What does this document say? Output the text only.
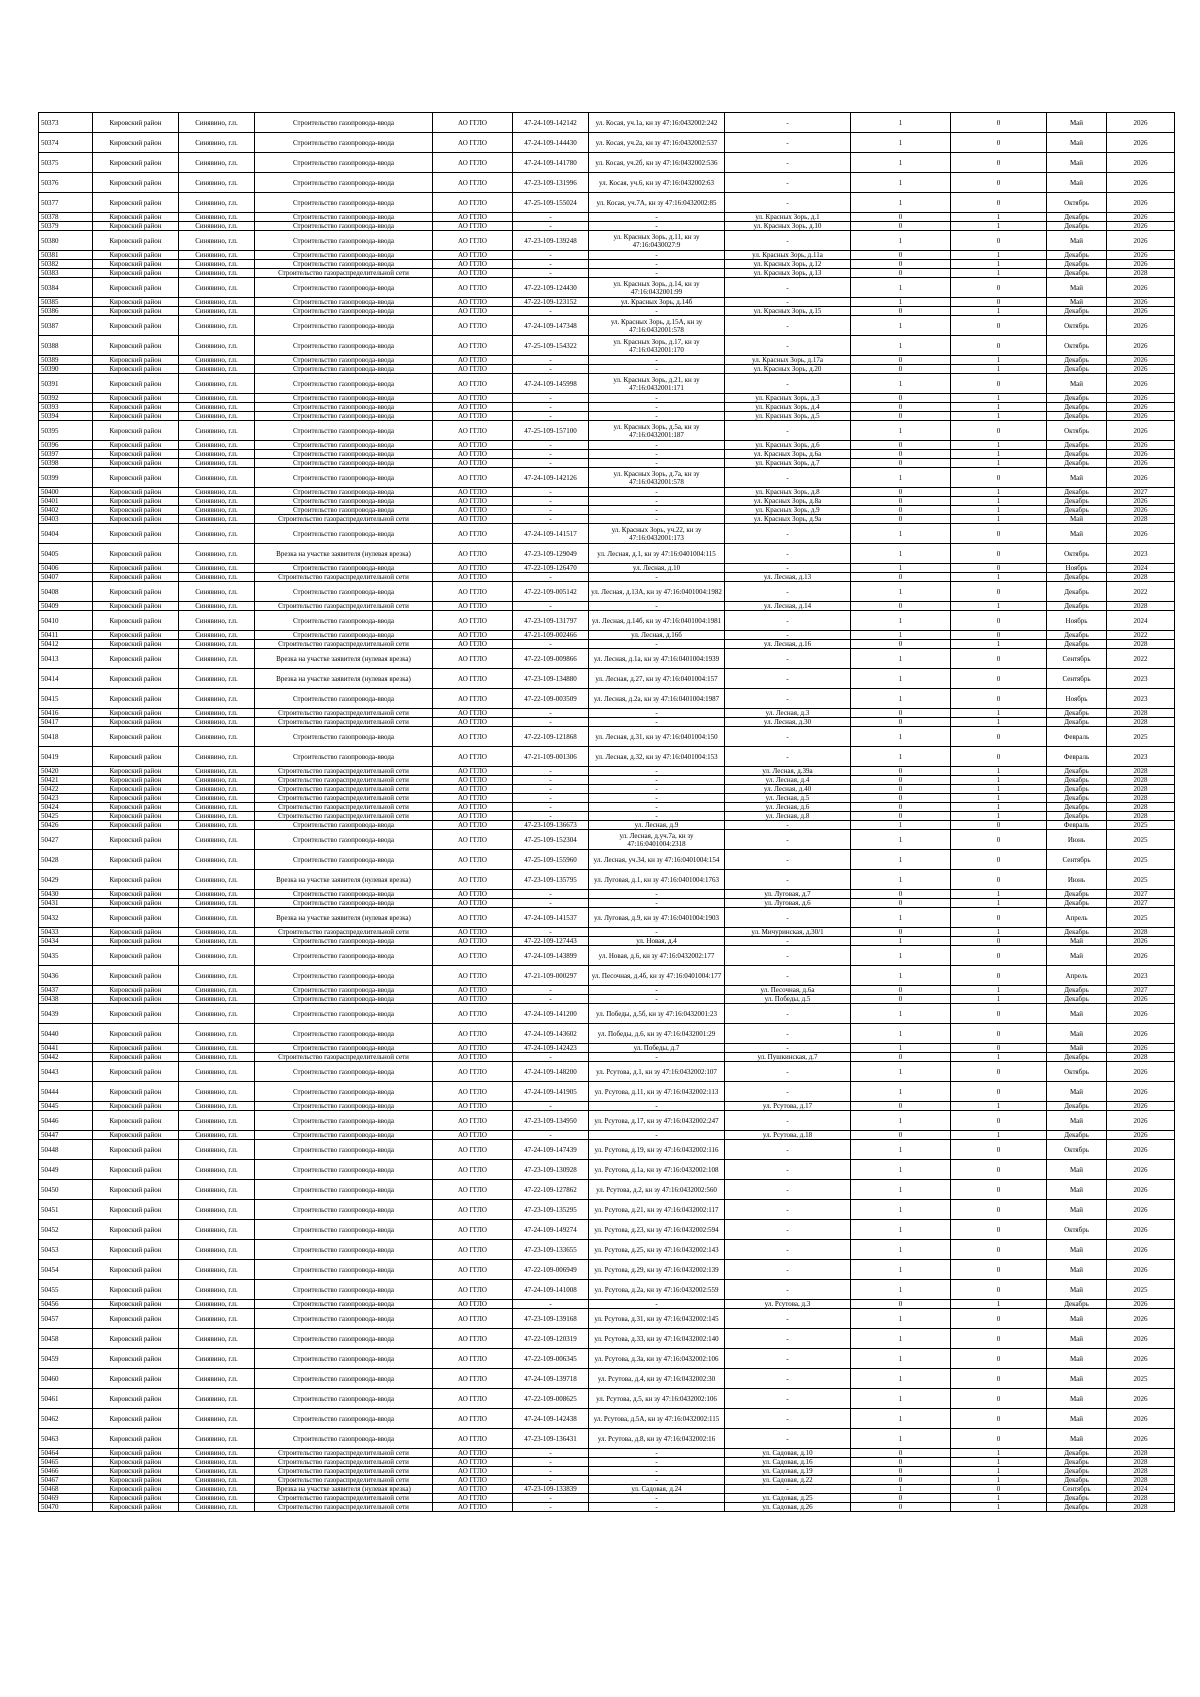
50373	Кировский район	Синявино, г.п.	Строительство газопровода-ввода	АО ГГЛО	47-24-109-142142	ул. Косая, уч.1а, кн зу 47:16:0432002:242	-	1	0	Май	2026
50374	Кировский район	Синявино, г.п.	Строительство газопровода-ввода	АО ГГЛО	47-24-109-144430	ул. Косая, уч.2а, кн зу 47:16:0432002:537	-	1	0	Май	2026
50375	Кировский район	Синявино, г.п.	Строительство газопровода-ввода	АО ГГЛО	47-24-109-141780	ул. Косая, уч.2б, кн зу 47:16:0432002:536	-	1	0	Май	2026
50376	Кировский район	Синявино, г.п.	Строительство газопровода-ввода	АО ГГЛО	47-23-109-131996	ул. Косая, уч.6, кн зу 47:16:0432002:63	-	1	0	Май	2026
50377	Кировский район	Синявино, г.п.	Строительство газопровода-ввода	АО ГГЛО	47-25-109-155024	ул. Косая, уч.7А, кн зу 47:16:0432002:85	-	1	0	Октябрь	2026
50378	Кировский район	Синявино, г.п.	Строительство газопровода-ввода	АО ГГЛО	-	-	ул. Красных Зорь, д.1	0	1	Декабрь	2026
50379	Кировский район	Синявино, г.п.	Строительство газопровода-ввода	АО ГГЛО	-	-	ул. Красных Зорь, д.10	0	1	Декабрь	2026
50380	Кировский район	Синявино, г.п.	Строительство газопровода-ввода	АО ГГЛО	47-23-109-139248	ул. Красных Зорь, д.11, кн зу 47:16:0430027:9	-	1	0	Май	2026
50381	Кировский район	Синявино, г.п.	Строительство газопровода-ввода	АО ГГЛО	-	-	ул. Красных Зорь, д.11а	0	1	Декабрь	2026
50382	Кировский район	Синявино, г.п.	Строительство газопровода-ввода	АО ГГЛО	-	-	ул. Красных Зорь, д.12	0	1	Декабрь	2026
50383	Кировский район	Синявино, г.п.	Строительство газораспределительной сети	АО ГГЛО	-	-	ул. Красных Зорь, д.13	0	1	Декабрь	2028
50384	Кировский район	Синявино, г.п.	Строительство газопровода-ввода	АО ГГЛО	47-22-109-124430	ул. Красных Зорь, д.14, кн зу 47:16:0432001:99	-	1	0	Май	2026
50385	Кировский район	Синявино, г.п.	Строительство газопровода-ввода	АО ГГЛО	47-22-109-123152	ул. Красных Зорь, д.14б	-	1	0	Май	2026
50386	Кировский район	Синявино, г.п.	Строительство газопровода-ввода	АО ГГЛО	-	-	ул. Красных Зорь, д.15	0	1	Декабрь	2026
50387	Кировский район	Синявино, г.п.	Строительство газопровода-ввода	АО ГГЛО	47-24-109-147348	ул. Красных Зорь, д.15А, кн зу 47:16:0432001:578	-	1	0	Октябрь	2026
50388	Кировский район	Синявино, г.п.	Строительство газопровода-ввода	АО ГГЛО	47-25-109-154322	ул. Красных Зорь, д.17, кн зу 47:16:0432001:170	-	1	0	Октябрь	2026
50389	Кировский район	Синявино, г.п.	Строительство газопровода-ввода	АО ГГЛО	-	-	ул. Красных Зорь, д.17а	0	1	Декабрь	2026
50390	Кировский район	Синявино, г.п.	Строительство газопровода-ввода	АО ГГЛО	-	-	ул. Красных Зорь, д.20	0	1	Декабрь	2026
50391	Кировский район	Синявино, г.п.	Строительство газопровода-ввода	АО ГГЛО	47-24-109-145998	ул. Красных Зорь, д.21, кн зу 47:16:0432001:171	-	1	0	Май	2026
50392	Кировский район	Синявино, г.п.	Строительство газопровода-ввода	АО ГГЛО	-	-	ул. Красных Зорь, д.3	0	1	Декабрь	2026
50393	Кировский район	Синявино, г.п.	Строительство газопровода-ввода	АО ГГЛО	-	-	ул. Красных Зорь, д.4	0	1	Декабрь	2026
50394	Кировский район	Синявино, г.п.	Строительство газопровода-ввода	АО ГГЛО	-	-	ул. Красных Зорь, д.5	0	1	Декабрь	2026
50395	Кировский район	Синявино, г.п.	Строительство газопровода-ввода	АО ГГЛО	47-25-109-157100	ул. Красных Зорь, д.5а, кн зу 47:16:0432001:187	-	1	0	Октябрь	2026
50396	Кировский район	Синявино, г.п.	Строительство газопровода-ввода	АО ГГЛО	-	-	ул. Красных Зорь, д.6	0	1	Декабрь	2026
50397	Кировский район	Синявино, г.п.	Строительство газопровода-ввода	АО ГГЛО	-	-	ул. Красных Зорь, д.6а	0	1	Декабрь	2026
50398	Кировский район	Синявино, г.п.	Строительство газопровода-ввода	АО ГГЛО	-	-	ул. Красных Зорь, д.7	0	1	Декабрь	2026
50399	Кировский район	Синявино, г.п.	Строительство газопровода-ввода	АО ГГЛО	47-24-109-142126	ул. Красных Зорь, д.7а, кн зу 47:16:0432001:578	-	1	0	Май	2026
50400	Кировский район	Синявино, г.п.	Строительство газопровода-ввода	АО ГГЛО	-	-	ул. Красных Зорь, д.8	0	1	Декабрь	2027
50401	Кировский район	Синявино, г.п.	Строительство газопровода-ввода	АО ГГЛО	-	-	ул. Красных Зорь, д.8а	0	1	Декабрь	2026
50402	Кировский район	Синявино, г.п.	Строительство газопровода-ввода	АО ГГЛО	-	-	ул. Красных Зорь, д.9	0	1	Декабрь	2026
50403	Кировский район	Синявино, г.п.	Строительство газораспределительной сети	АО ГГЛО	-	-	ул. Красных Зорь, д.9а	0	1	Май	2028
50404	Кировский район	Синявино, г.п.	Строительство газопровода-ввода	АО ГГЛО	47-24-109-141517	ул. Красных Зорь, уч.22, кн зу 47:16:0432001:173	-	1	0	Май	2026
50405	Кировский район	Синявино, г.п.	Врезка на участке заявителя (нулевая врезка)	АО ГГЛО	47-23-109-129049	ул. Лесная, д.1, кн зу 47:16:0401004:115	-	1	0	Октябрь	2023
50406	Кировский район	Синявино, г.п.	Строительство газопровода-ввода	АО ГГЛО	47-22-109-126470	ул. Лесная, д.10	-	1	0	Ноябрь	2024
50407	Кировский район	Синявино, г.п.	Строительство газораспределительной сети	АО ГГЛО	-	-	ул. Лесная, д.13	0	1	Декабрь	2028
50408	Кировский район	Синявино, г.п.	Строительство газопровода-ввода	АО ГГЛО	47-22-109-005142	ул. Лесная, д.13А, кн зу 47:16:0401004:1982	-	1	0	Декабрь	2022
50409	Кировский район	Синявино, г.п.	Строительство газораспределительной сети	АО ГГЛО	-	-	ул. Лесная, д.14	0	1	Декабрь	2028
50410	Кировский район	Синявино, г.п.	Строительство газопровода-ввода	АО ГГЛО	47-23-109-131797	ул. Лесная, д.14б, кн зу 47:16:0401004:1981	-	1	0	Ноябрь	2024
50411	Кировский район	Синявино, г.п.	Строительство газопровода-ввода	АО ГГЛО	47-21-109-002466	ул. Лесная, д.16б	-	1	0	Декабрь	2022
50412	Кировский район	Синявино, г.п.	Строительство газораспределительной сети	АО ГГЛО	-	-	ул. Лесная, д.16	0	1	Декабрь	2028
50413	Кировский район	Синявино, г.п.	Врезка на участке заявителя (нулевая врезка)	АО ГГЛО	47-22-109-009866	ул. Лесная, д.1а, кн зу 47:16:0401004:1939	-	1	0	Сентябрь	2022
50414	Кировский район	Синявино, г.п.	Врезка на участке заявителя (нулевая врезка)	АО ГГЛО	47-23-109-134880	ул. Лесная, д.27, кн зу 47:16:0401004:157	-	1	0	Сентябрь	2023
50415	Кировский район	Синявино, г.п.	Строительство газопровода-ввода	АО ГГЛО	47-22-109-003509	ул. Лесная, д.2а, кн зу 47:16:0401004:1987	-	1	0	Ноябрь	2023
50416	Кировский район	Синявино, г.п.	Строительство газораспределительной сети	АО ГГЛО	-	-	ул. Лесная, д.3	0	1	Декабрь	2028
50417	Кировский район	Синявино, г.п.	Строительство газораспределительной сети	АО ГГЛО	-	-	ул. Лесная, д.30	0	1	Декабрь	2028
50418	Кировский район	Синявино, г.п.	Строительство газопровода-ввода	АО ГГЛО	47-22-109-121868	ул. Лесная, д.31, кн зу 47:16:0401004:150	-	1	0	Февраль	2025
50419	Кировский район	Синявино, г.п.	Строительство газопровода-ввода	АО ГГЛО	47-21-109-001306	ул. Лесная, д.32, кн зу 47:16:0401004:153	-	1	0	Февраль	2023
50420	Кировский район	Синявино, г.п.	Строительство газораспределительной сети	АО ГГЛО	-	-	ул. Лесная, д.39а	0	1	Декабрь	2028
50421	Кировский район	Синявино, г.п.	Строительство газораспределительной сети	АО ГГЛО	-	-	ул. Лесная, д.4	0	1	Декабрь	2028
50422	Кировский район	Синявино, г.п.	Строительство газораспределительной сети	АО ГГЛО	-	-	ул. Лесная, д.40	0	1	Декабрь	2028
50423	Кировский район	Синявино, г.п.	Строительство газораспределительной сети	АО ГГЛО	-	-	ул. Лесная, д.5	0	1	Декабрь	2028
50424	Кировский район	Синявино, г.п.	Строительство газораспределительной сети	АО ГГЛО	-	-	ул. Лесная, д.6	0	1	Декабрь	2028
50425	Кировский район	Синявино, г.п.	Строительство газораспределительной сети	АО ГГЛО	-	-	ул. Лесная, д.8	0	1	Декабрь	2028
50426	Кировский район	Синявино, г.п.	Строительство газопровода-ввода	АО ГГЛО	47-23-109-136673	ул. Лесная, д.9	-	1	0	Февраль	2025
50427	Кировский район	Синявино, г.п.	Строительство газопровода-ввода	АО ГГЛО	47-25-109-152304	ул. Лесная, д.уч.7а, кн зу 47:16:0401004:2318	-	1	0	Июнь	2025
50428	Кировский район	Синявино, г.п.	Строительство газопровода-ввода	АО ГГЛО	47-25-109-155960	ул. Лесная, уч.34, кн зу 47:16:0401004:154	-	1	0	Сентябрь	2025
50429	Кировский район	Синявино, г.п.	Врезка на участке заявителя (нулевая врезка)	АО ГГЛО	47-23-109-135795	ул. Луговая, д.1, кн зу 47:16:0401004:1763	-	1	0	Июнь	2025
50430	Кировский район	Синявино, г.п.	Строительство газопровода-ввода	АО ГГЛО	-	-	ул. Луговая, д.7	0	1	Декабрь	2027
50431	Кировский район	Синявино, г.п.	Строительство газопровода-ввода	АО ГГЛО	-	-	ул. Луговая, д.6	0	1	Декабрь	2027
50432	Кировский район	Синявино, г.п.	Врезка на участке заявителя (нулевая врезка)	АО ГГЛО	47-24-109-141537	ул. Луговая, д.9, кн зу 47:16:0401004:1903	-	1	0	Апрель	2025
50433	Кировский район	Синявино, г.п.	Строительство газораспределительной сети	АО ГГЛО	-	-	ул. Мичуринская, д.30/1	0	1	Декабрь	2028
50434	Кировский район	Синявино, г.п.	Строительство газопровода-ввода	АО ГГЛО	47-22-109-127443	ул. Новая, д.4	-	1	0	Май	2026
50435	Кировский район	Синявино, г.п.	Строительство газопровода-ввода	АО ГГЛО	47-24-109-143899	ул. Новая, д.6, кн зу 47:16:0432002:177	-	1	0	Май	2026
50436	Кировский район	Синявино, г.п.	Строительство газопровода-ввода	АО ГГЛО	47-21-109-000297	ул. Песочная, д.4б, кн зу 47:16:0401004:177	-	1	0	Апрель	2023
50437	Кировский район	Синявино, г.п.	Строительство газопровода-ввода	АО ГГЛО	-	-	ул. Песочная, д.6а	0	1	Декабрь	2027
50438	Кировский район	Синявино, г.п.	Строительство газопровода-ввода	АО ГГЛО	-	-	ул. Победы, д.5	0	1	Декабрь	2026
50439	Кировский район	Синявино, г.п.	Строительство газопровода-ввода	АО ГГЛО	47-24-109-141200	ул. Победы, д.5б, кн зу 47:16:0432001:23	-	1	0	Май	2026
50440	Кировский район	Синявино, г.п.	Строительство газопровода-ввода	АО ГГЛО	47-24-109-143602	ул. Победы, д.6, кн зу 47:16:0432001:29	-	1	0	Май	2026
50441	Кировский район	Синявино, г.п.	Строительство газопровода-ввода	АО ГГЛО	47-24-109-142423	ул. Победы, д.7	-	1	0	Май	2026
50442	Кировский район	Синявино, г.п.	Строительство газораспределительной сети	АО ГГЛО	-	-	ул. Пушкинская, д.7	0	1	Декабрь	2028
50443	Кировский район	Синявино, г.п.	Строительство газопровода-ввода	АО ГГЛО	47-24-109-148200	ул. Рсутова, д.1, кн зу 47:16:0432002:107	-	1	0	Октябрь	2026
50444	Кировский район	Синявино, г.п.	Строительство газопровода-ввода	АО ГГЛО	47-24-109-141905	ул. Рсутова, д.11, кн зу 47:16:0432002:113	-	1	0	Май	2026
50445	Кировский район	Синявино, г.п.	Строительство газопровода-ввода	АО ГГЛО	-	-	ул. Рсутова, д.17	0	1	Декабрь	2026
50446	Кировский район	Синявино, г.п.	Строительство газопровода-ввода	АО ГГЛО	47-23-109-134950	ул. Рсутова, д.17, кн зу 47:16:0432002:247	-	1	0	Май	2026
50447	Кировский район	Синявино, г.п.	Строительство газопровода-ввода	АО ГГЛО	-	-	ул. Рсутова, д.18	0	1	Декабрь	2026
50448	Кировский район	Синявино, г.п.	Строительство газопровода-ввода	АО ГГЛО	47-24-109-147439	ул. Рсутова, д.19, кн зу 47:16:0432002:116	-	1	0	Октябрь	2026
50449	Кировский район	Синявино, г.п.	Строительство газопровода-ввода	АО ГГЛО	47-23-109-130928	ул. Рсутова, д.1а, кн зу 47:16:0432002:108	-	1	0	Май	2026
50450	Кировский район	Синявино, г.п.	Строительство газопровода-ввода	АО ГГЛО	47-22-109-127862	ул. Рсутова, д.2, кн зу 47:16:0432002:560	-	1	0	Май	2026
50451	Кировский район	Синявино, г.п.	Строительство газопровода-ввода	АО ГГЛО	47-23-109-135295	ул. Рсутова, д.21, кн зу 47:16:0432002:117	-	1	0	Май	2026
50452	Кировский район	Синявино, г.п.	Строительство газопровода-ввода	АО ГГЛО	47-24-109-149274	ул. Рсутова, д.23, кн зу 47:16:0432002:594	-	1	0	Октябрь	2026
50453	Кировский район	Синявино, г.п.	Строительство газопровода-ввода	АО ГГЛО	47-23-109-133655	ул. Рсутова, д.25, кн зу 47:16:0432002:143	-	1	0	Май	2026
50454	Кировский район	Синявино, г.п.	Строительство газопровода-ввода	АО ГГЛО	47-22-109-006949	ул. Рсутова, д.29, кн зу 47:16:0432002:139	-	1	0	Май	2026
50455	Кировский район	Синявино, г.п.	Строительство газопровода-ввода	АО ГГЛО	47-24-109-141008	ул. Рсутова, д.2а, кн зу 47:16:0432002:559	-	1	0	Май	2025
50456	Кировский район	Синявино, г.п.	Строительство газопровода-ввода	АО ГГЛО	-	-	ул. Рсутова, д.3	0	1	Декабрь	2026
50457	Кировский район	Синявино, г.п.	Строительство газопровода-ввода	АО ГГЛО	47-23-109-139168	ул. Рсутова, д.31, кн зу 47:16:0432002:145	-	1	0	Май	2026
50458	Кировский район	Синявино, г.п.	Строительство газопровода-ввода	АО ГГЛО	47-22-109-120319	ул. Рсутова, д.33, кн зу 47:16:0432002:140	-	1	0	Май	2026
50459	Кировский район	Синявино, г.п.	Строительство газопровода-ввода	АО ГГЛО	47-22-109-006345	ул. Рсутова, д.3а, кн зу 47:16:0432002:106	-	1	0	Май	2026
50460	Кировский район	Синявино, г.п.	Строительство газопровода-ввода	АО ГГЛО	47-24-109-139718	ул. Рсутова, д.4, кн зу 47:16:0432002:30	-	1	0	Май	2025
50461	Кировский район	Синявино, г.п.	Строительство газопровода-ввода	АО ГГЛО	47-22-109-008625	ул. Рсутова, д.5, кн зу 47:16:0432002:106	-	1	0	Май	2026
50462	Кировский район	Синявино, г.п.	Строительство газопровода-ввода	АО ГГЛО	47-24-109-142438	ул. Рсутова, д.5А, кн зу 47:16:0432002:115	-	1	0	Май	2026
50463	Кировский район	Синявино, г.п.	Строительство газопровода-ввода	АО ГГЛО	47-23-109-136431	ул. Рсутова, д.8, кн зу 47:16:0432002:16	-	1	0	Май	2026
50464	Кировский район	Синявино, г.п.	Строительство газораспределительной сети	АО ГГЛО	-	-	ул. Садовая, д.10	0	1	Декабрь	2028
50465	Кировский район	Синявино, г.п.	Строительство газораспределительной сети	АО ГГЛО	-	-	ул. Садовая, д.16	0	1	Декабрь	2028
50466	Кировский район	Синявино, г.п.	Строительство газораспределительной сети	АО ГГЛО	-	-	ул. Садовая, д.19	0	1	Декабрь	2028
50467	Кировский район	Синявино, г.п.	Строительство газораспределительной сети	АО ГГЛО	-	-	ул. Садовая, д.22	0	1	Декабрь	2028
50468	Кировский район	Синявино, г.п.	Врезка на участке заявителя (нулевая врезка)	АО ГГЛО	47-23-109-133839	ул. Садовая, д.24	-	1	0	Сентябрь	2024
50469	Кировский район	Синявино, г.п.	Строительство газораспределительной сети	АО ГГЛО	-	-	ул. Садовая, д.25	0	1	Декабрь	2028
50470	Кировский район	Синявино, г.п.	Строительство газораспределительной сети	АО ГГЛО	-	-	ул. Садовая, д.26	0	1	Декабрь	2028
